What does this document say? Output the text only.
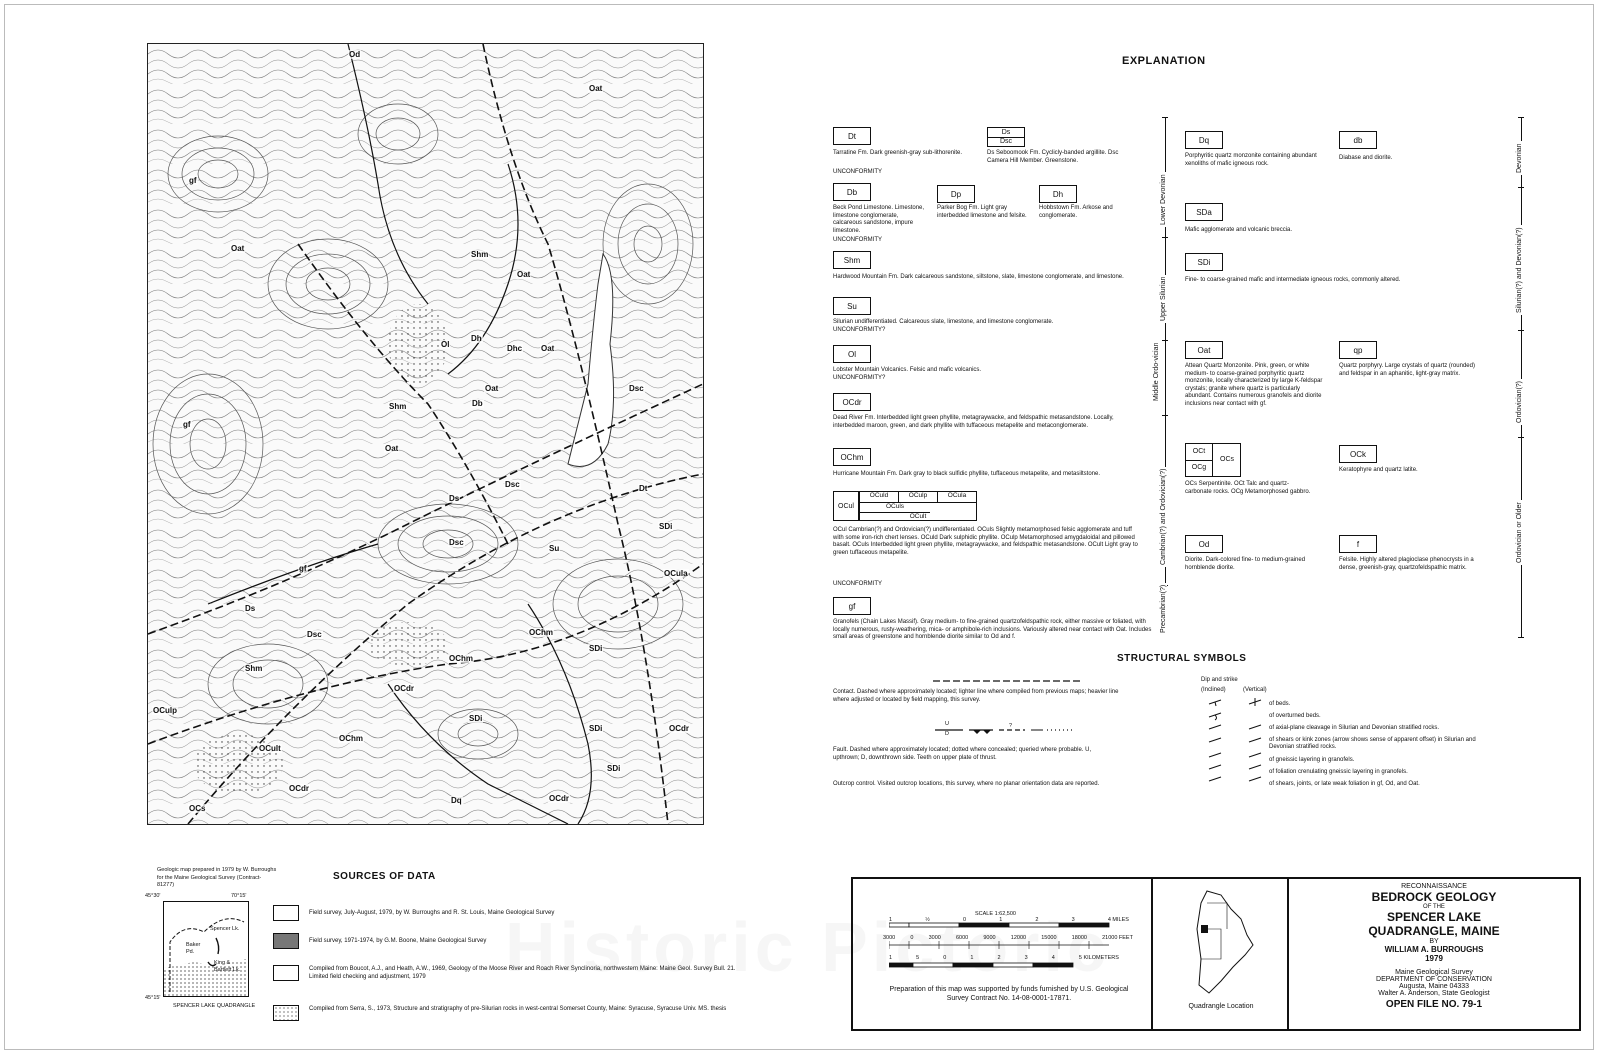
Od
Oat
gf
Shm
Oat
Dh
Ol	Dhc Oat
Db
Dsc
Oat
Shm
gf
Oat
Ds
Dsc	Dt
Dsc
SDi
OCula
Dsc
Su
gf
OChm
SDi
Shm
OCdr
OChm
SDi
OCulp
OCult
OChm
SDi	OCdr
Dq
OCs
OCdr
Ds
Oat
SDi
OCdr
EXPLANATION
Dt
Tarratine Fm. Dark greenish-gray sub-lithorenite.
UNCONFORMITY
Ds
Dsc
Ds Seboomook Fm. Cyclicly-banded argillite. Dsc Camera Hill Member. Greenstone.
Db
Beck Pond Limestone. Limestone, limestone conglomerate, calcareous sandstone, impure limestone.
Dp
Parker Bog Fm. Light gray interbedded limestone and felsite.
Dh
Hobbstown Fm. Arkose and conglomerate.
UNCONFORMITY
Shm
Hardwood Mountain Fm. Dark calcareous sandstone, siltstone, slate, limestone conglomerate, and limestone.
Su
Silurian undifferentiated. Calcareous slate, limestone, and limestone conglomerate.
UNCONFORMITY?
Ol
Lobster Mountain Volcanics. Felsic and mafic volcanics.
UNCONFORMITY?
OCdr
Dead River Fm. Interbedded light green phyllite, metagraywacke, and feldspathic metasandstone. Locally, interbedded maroon, green, and dark phyllite with tuffaceous metapelite and metaconglomerate.
OChm
Hurricane Mountain Fm. Dark gray to black sulfidic phyllite, tuffaceous metapelite, and metasiltstone.
OCul
OCuld	OCulp	OCula
OCuls
OCult
OCul Cambrian(?) and Ordovician(?) undifferentiated. OCuls Slightly metamorphosed felsic agglomerate and tuff with some iron-rich chert lenses. OCuld Dark sulphidic phyllite. OCulp Metamorphosed amygdaloidal and pillowed basalt. OCuls Interbedded light green phyllite, metagraywacke, and feldspathic metasandstone. OCult Light gray to green tuffaceous metapelite.
UNCONFORMITY
gf
Granofels (Chain Lakes Massif). Gray medium- to fine-grained quartzofeldspathic rock, either massive or foliated, with locally numerous, rusty-weathering, mica- or amphibole-rich inclusions. Variously altered near contact with Oat. Includes small areas of greenstone and hornblende diorite similar to Od and f.
Lower Devonian
Upper Silurian
Middle Ordo-vician
Cambrian(?) and Ordovician(?)
Precambrian(?)
Dq
Porphyritic quartz monzonite containing abundant xenoliths of mafic igneous rock.
db
Diabase and diorite.
SDa
Mafic agglomerate and volcanic breccia.
SDi
Fine- to coarse-grained mafic and intermediate igneous rocks, commonly altered.
Oat
Attean Quartz Monzonite. Pink, green, or white medium- to coarse-grained porphyritic quartz monzonite, locally characterized by large K-feldspar crystals; granite where quartz is particularly abundant. Contains numerous granofels and diorite inclusions near contact with gf.
qp
Quartz porphyry. Large crystals of quartz (rounded) and feldspar in an aphanitic, light-gray matrix.
OCt
OCg
OCs
OCs Serpentinite. OCt Talc and quartz-carbonate rocks. OCg Metamorphosed gabbro.
OCk
Keratophyre and quartz latite.
Od
Diorite. Dark-colored fine- to medium-grained hornblende diorite.
f
Felsite. Highly altered plagioclase phenocrysts in a dense, greenish-gray, quartzofeldspathic matrix.
Devonian
Silurian(?) and Devonian(?)
Ordovician(?)
Ordovician or Older
STRUCTURAL SYMBOLS
Contact. Dashed where approximately located; lighter line where compiled from previous maps; heavier line where adjusted or located by field mapping, this survey.
U
D
?
Fault. Dashed where approximately located; dotted where concealed; queried where probable. U, upthrown; D, downthrown side. Teeth on upper plate of thrust.
Outcrop control. Visited outcrop locations, this survey, where no planar orientation data are reported.
Dip and strike
(Inclined)	(Vertical)
of beds.
of overturned beds.
of axial-plane cleavage in Silurian and Devonian stratified rocks.
of shears or kink zones (arrow shows sense of apparent offset) in Silurian and Devonian stratified rocks.
of gneissic layering in granofels.
of foliation crenulating gneissic layering in granofels.
of shears, joints, or late weak foliation in gf, Od, and Oat.
Geologic map prepared in 1979 by W. Burroughs for the Maine Geological Survey (Contract-81277)
Spencer Lk.
Baker Pd.
King & Bartlett Lk.
45°30'	70°15'
45°15'
SPENCER LAKE QUADRANGLE
SOURCES OF DATA
Field survey, July-August, 1979, by W. Burroughs and R. St. Louis, Maine Geological Survey
Field survey, 1971-1974, by G.M. Boone, Maine Geological Survey
Compiled from Boucot, A.J., and Heath, A.W., 1969, Geology of the Moose River and Roach River Synclinoria, northwestern Maine: Maine Geol. Survey Bull. 21. Limited field checking and adjustment, 1979
Compiled from Serra, S., 1973, Structure and stratigraphy of pre-Silurian rocks in west-central Somerset County, Maine: Syracuse, Syracuse Univ. MS. thesis
SCALE 1:62,500
1	½	0	1	2	3	4 MILES
3000	0	3000	6000	9000	12000	15000	18000	21000 FEET
1	5	0	1	2	3	4	5 KILOMETERS
Preparation of this map was supported by funds furnished by U.S. Geological Survey Contract No. 14-08-0001-17871.
Quadrangle Location
RECONNAISSANCE
BEDROCK GEOLOGY
OF THE
SPENCER LAKE
QUADRANGLE, MAINE
BY
WILLIAM A. BURROUGHS
1979
Maine Geological Survey
DEPARTMENT OF CONSERVATION
Augusta, Maine 04333
Walter A. Anderson, State Geologist
OPEN FILE NO. 79-1
